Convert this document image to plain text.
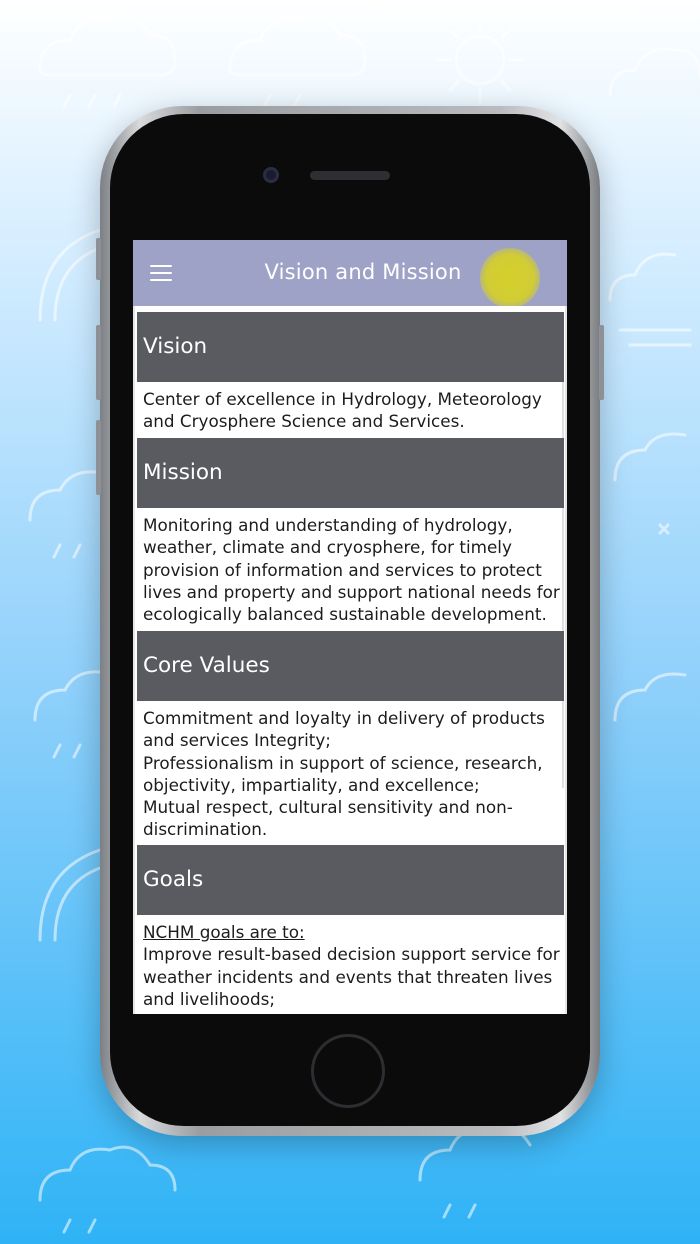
Vision and Mission
Vision
Center of excellence in Hydrology, Meteorology
and Cryosphere Science and Services.
Mission
Monitoring and understanding of hydrology,
weather, climate and cryosphere, for timely
provision of information and services to protect
lives and property and support national needs for
ecologically balanced sustainable development.
Core Values
Commitment and loyalty in delivery of products
and services Integrity;
Professionalism in support of science, research,
objectivity, impartiality, and excellence;
Mutual respect, cultural sensitivity and non-
discrimination.
Goals
NCHM goals are to:
Improve result-based decision support service for
weather incidents and events that threaten lives
and livelihoods;
